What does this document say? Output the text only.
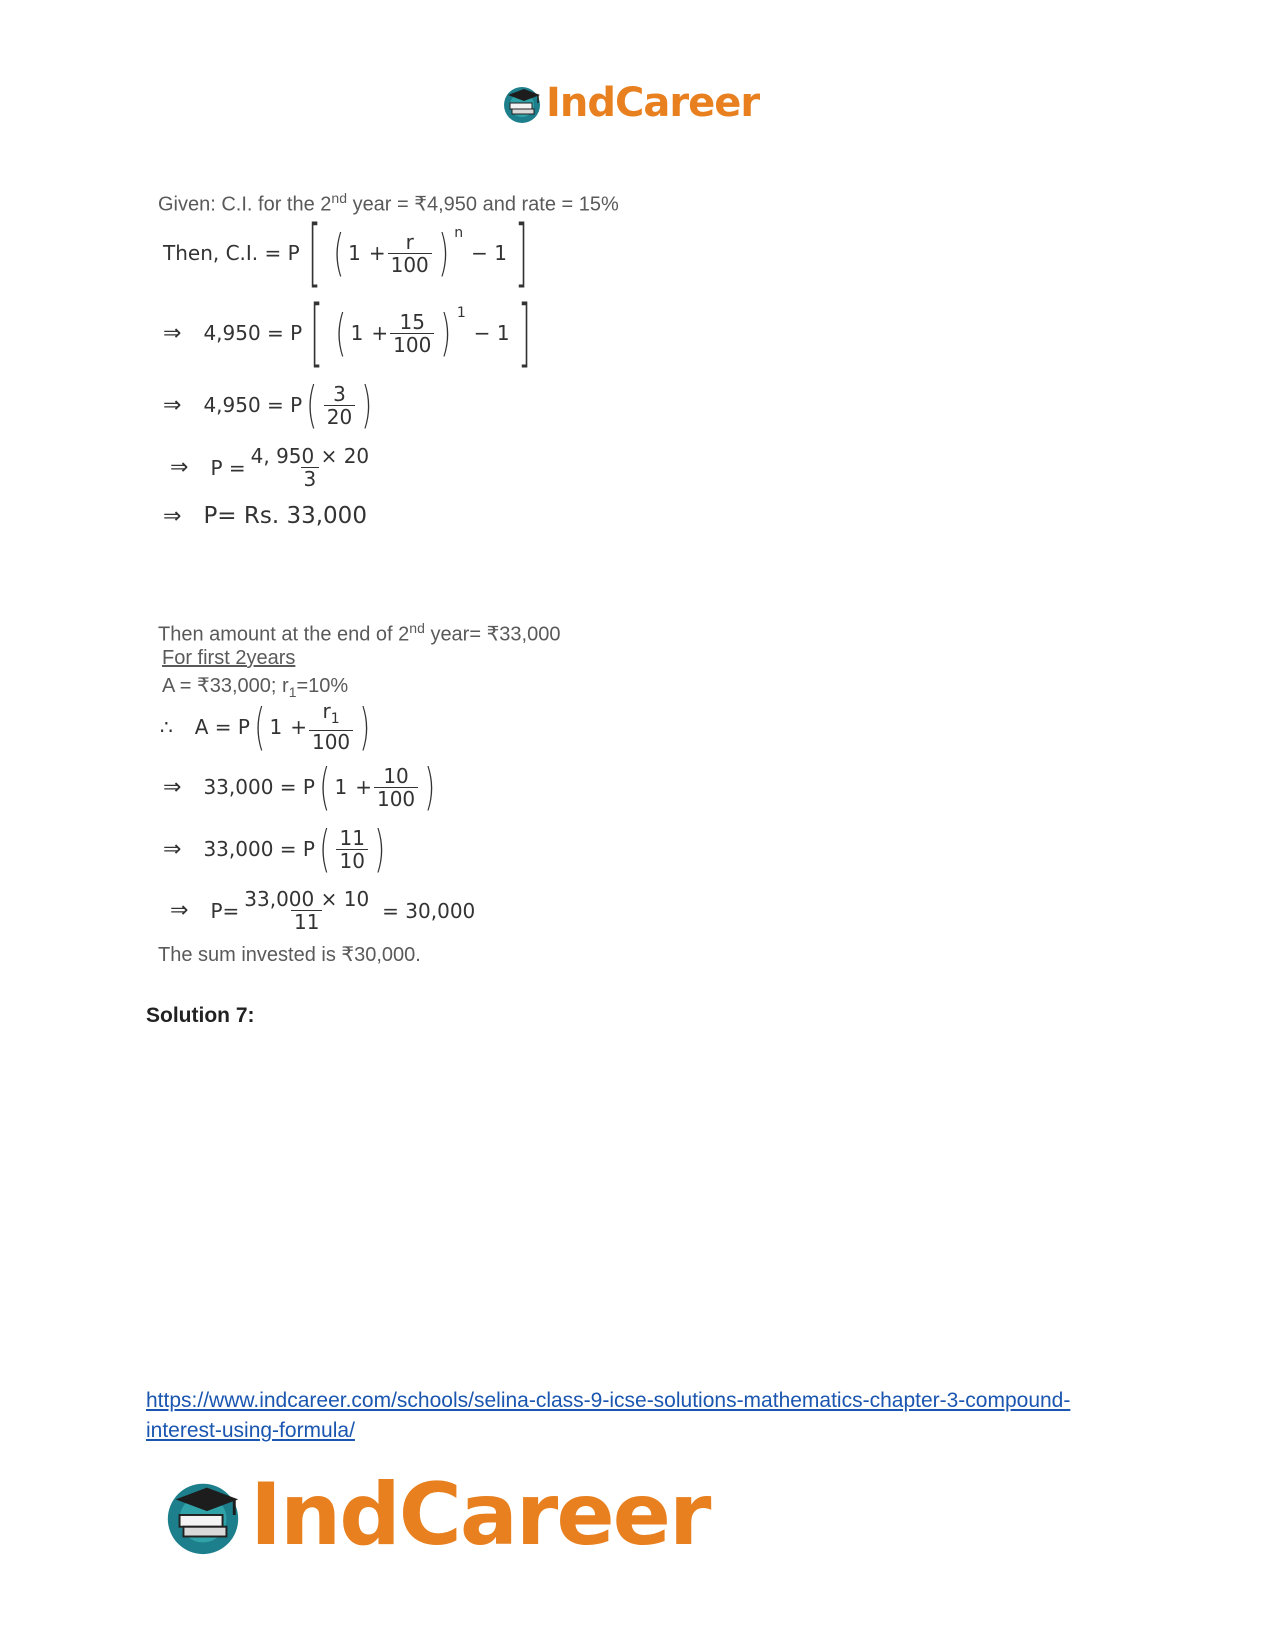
IndCareer
Given: C.I. for the 2nd year = ₹4,950 and rate = 15%
Then, C.I. = P [ ( $1 + \frac{r}{100}$ ) n
− 1 ]
⇒ 4,950 = P [ ( $1 + \frac{15}{100}$ ) 1
− 1 ]
⇒ 4,950 = P ( $\frac{3}{20}$ )
⇒ $P = \frac{4, 950 \times 20}{3}$
⇒ P= Rs. 33,000
Then amount at the end of 2nd year= ₹33,000
For first 2years
A = ₹33,000; $r_1=10\%$
∴ A = P ( $1 + \frac{r_1}{100}$ )
⇒ 33,000 = P ( $1 + \frac{10}{100}$ )
⇒ 33,000 = P ( $\frac{11}{10}$ )
⇒ $P= \frac{33,000 \times 10}{11} = 30,000$
The sum invested is ₹30,000.
Solution 7:
https://www.indcareer.com/schools/selina-class-9-icse-solutions-mathematics-chapter-3-compound-interest-using-formula/
IndCareer
